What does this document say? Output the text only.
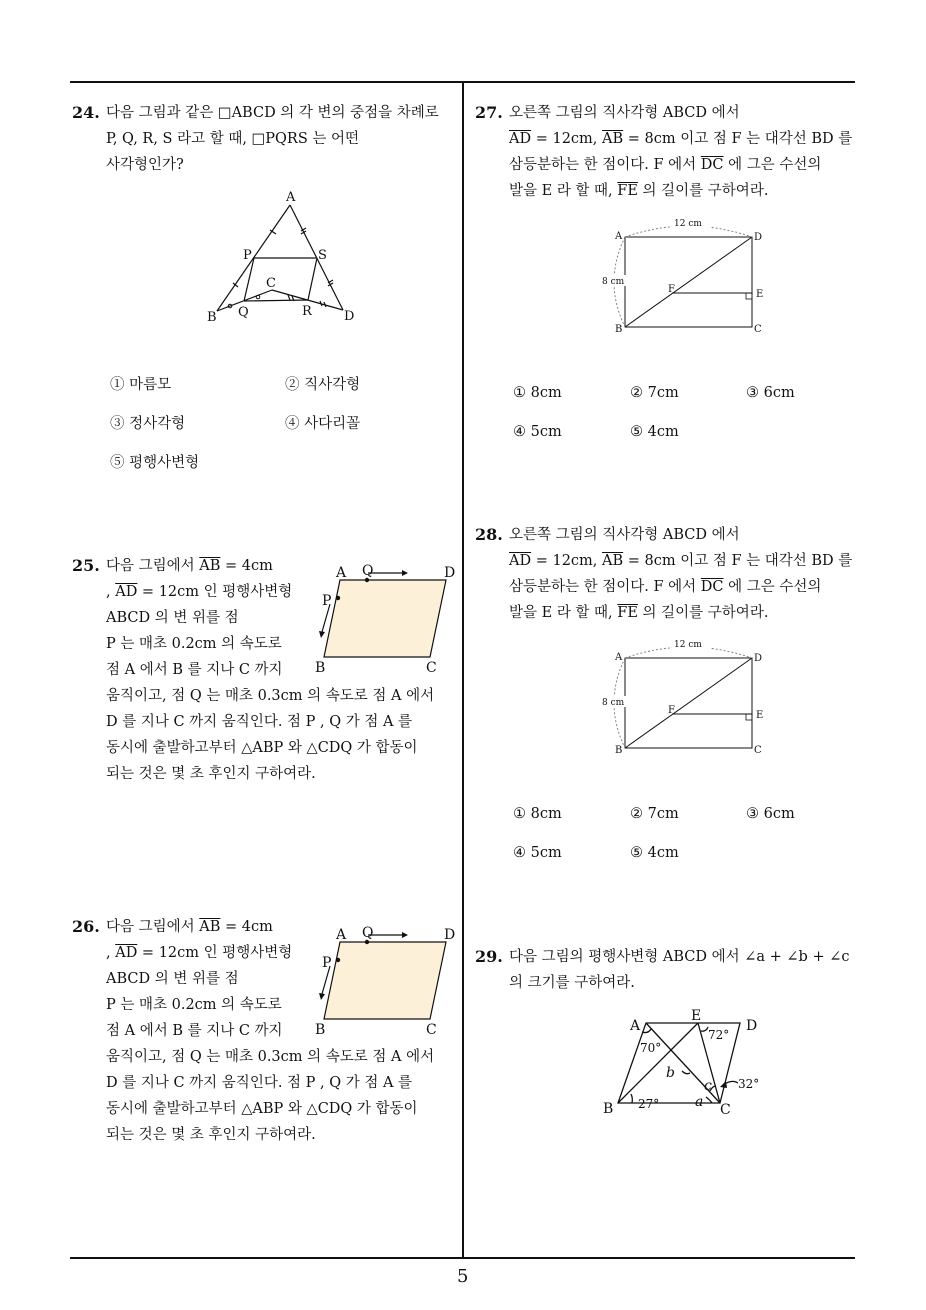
24. 다음 그림과 같은 □ABCD 의 각 변의 중점을 차례로
P, Q, R, S 라고 할 때, □PQRS 는 어떤
사각형인가?
A
B
C
D
P
Q	R
S
① 마름모	② 직사각형
③ 정사각형	④ 사다리꼴
⑤ 평행사변형
25. 다음 그림에서 $\overline{AB} = 4cm$
, $\overline{AD} = 12cm$ 인 평행사변형
ABCD 의 변 위를 점
P 는 매초 0.2cm 의 속도로
점 A 에서 B 를 지나 C 까지
움직이고, 점 Q 는 매초 0.3cm 의 속도로 점 A 에서
D 를 지나 C 까지 움직인다. 점 P , Q 가 점 A 를
동시에 출발하고부터 △ABP 와 △CDQ 가 합동이
되는 것은 몇 초 후인지 구하여라.
A Q	D
P
B	C
26. 다음 그림에서 $\overline{AB} = 4cm$
, $\overline{AD} = 12cm$ 인 평행사변형
ABCD 의 변 위를 점
P 는 매초 0.2cm 의 속도로
점 A 에서 B 를 지나 C 까지
움직이고, 점 Q 는 매초 0.3cm 의 속도로 점 A 에서
D 를 지나 C 까지 움직인다. 점 P , Q 가 점 A 를
동시에 출발하고부터 △ABP 와 △CDQ 가 합동이
되는 것은 몇 초 후인지 구하여라.
A Q	D
P
B	C
27. 오른쪽 그림의 직사각형 ABCD 에서
$\overline{AD} = 12cm$, $\overline{AB} = 8cm$ 이고 점 F 는 대각선 BD 를
삼등분하는 한 점이다. F 에서 $\overline{DC}$ 에 그은 수선의
발을 E 라 할 때, $\overline{FE}$ 의 길이를 구하여라.
12 cm
8 cm
A	D
B	C
E
F
① 8cm	② 7cm	③ 6cm
④ 5cm	⑤ 4cm
28. 오른쪽 그림의 직사각형 ABCD 에서
$\overline{AD} = 12cm$, $\overline{AB} = 8cm$ 이고 점 F 는 대각선 BD 를
삼등분하는 한 점이다. F 에서 $\overline{DC}$ 에 그은 수선의
발을 E 라 할 때, $\overline{FE}$ 의 길이를 구하여라.
12 cm
8 cm
A	D
B	C
E
F
① 8cm	② 7cm	③ 6cm
④ 5cm	⑤ 4cm
29. 다음 그림의 평행사변형 ABCD 에서 ∠a + ∠b + ∠c
의 크기를 구하여라.
A
E
D
B	C
70°
72°
27°
32°
b
c
a
5
